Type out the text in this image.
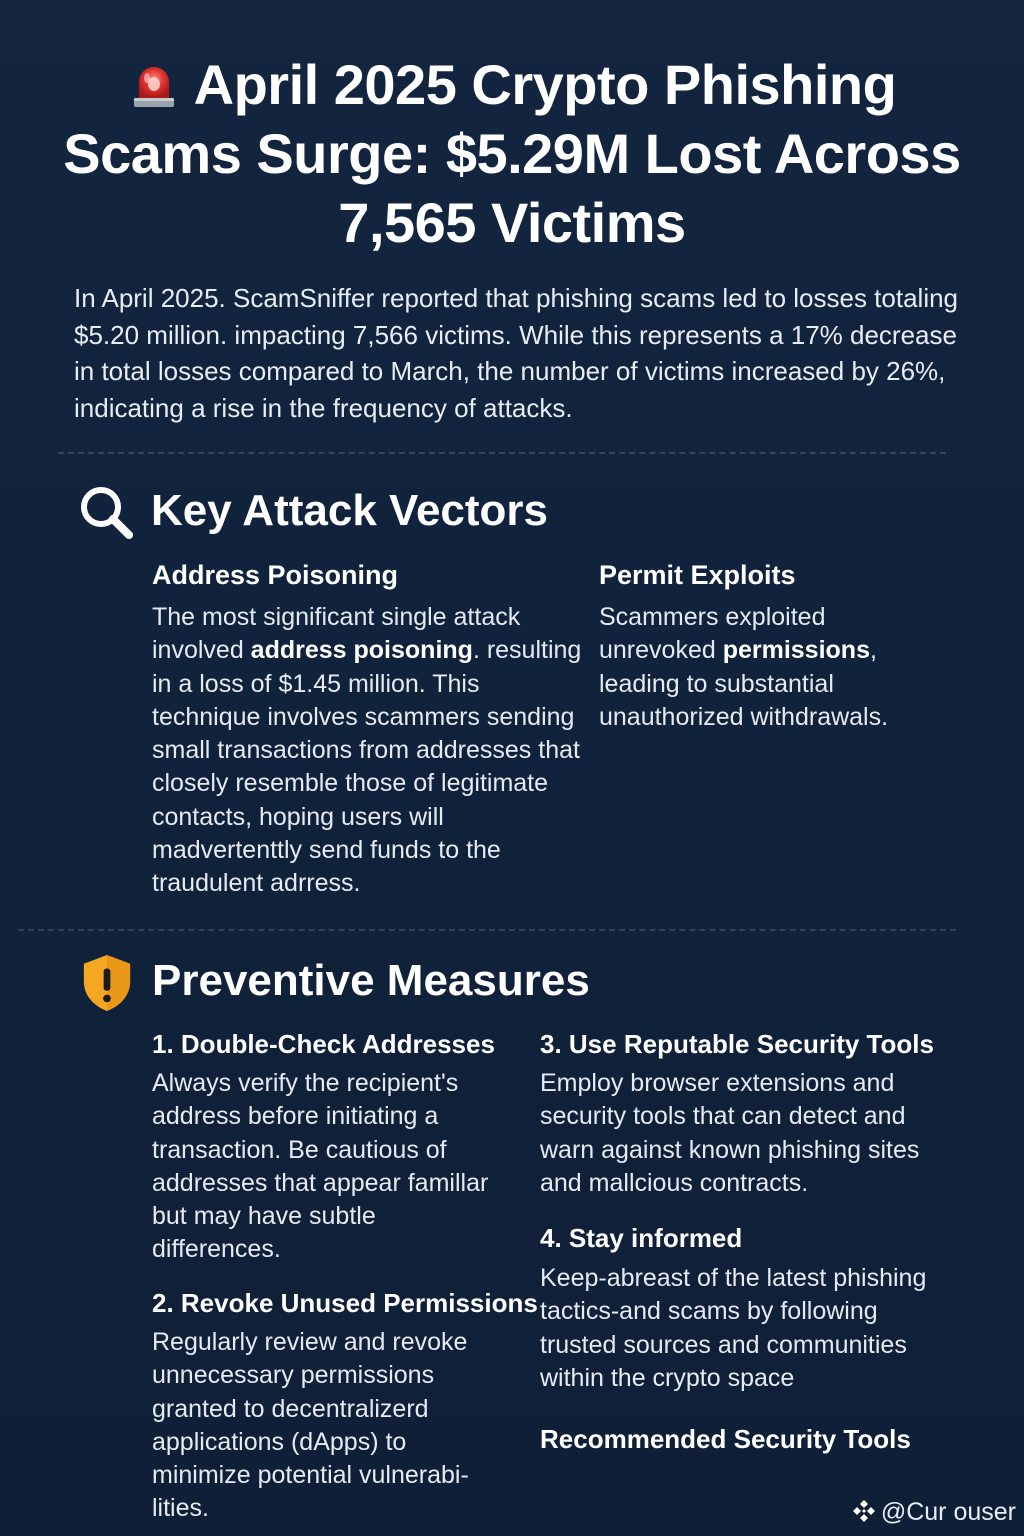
April 2025 Crypto Phishing
Scams Surge: $5.29M Lost Across
7,565 Victims

In April 2025. ScamSniffer reported that phishing scams led to losses totaling $5.20 million. impacting 7,566 victims. While this represents a 17% decrease in total losses compared to March, the number of victims increased by 26%, indicating a rise in the frequency of attacks.

Key Attack Vectors
Address Poisoning

The most significant single attack involved address poisoning. resulting in a loss of $1.45 million. This technique involves scammers sending small transactions from addresses that closely resemble those of legitimate contacts, hoping users will madvertenttly send funds to the traudulent adrress.

Permit Exploits

Scammers exploited unrevoked permissions, leading to substantial unauthorized withdrawals.

Preventive Measures
1. Double-Check Addresses

Always verify the recipient's address before initiating a transaction. Be cautious of addresses that appear famillar but may have subtle differences.

2. Revoke Unused Permissions

Regularly review and revoke unnecessary permissions granted to decentralizerd applications (dApps) to minimize potential vulnerabi-lities.

3. Use Reputable Security Tools

Employ browser extensions and security tools that can detect and warn against known phishing sites and mallcious contracts.

4. Stay informed

Keep-abreast of the latest phishing tactics-and scams by following trusted sources and communities within the crypto space

Recommended Security Tools
@Cur ouser
